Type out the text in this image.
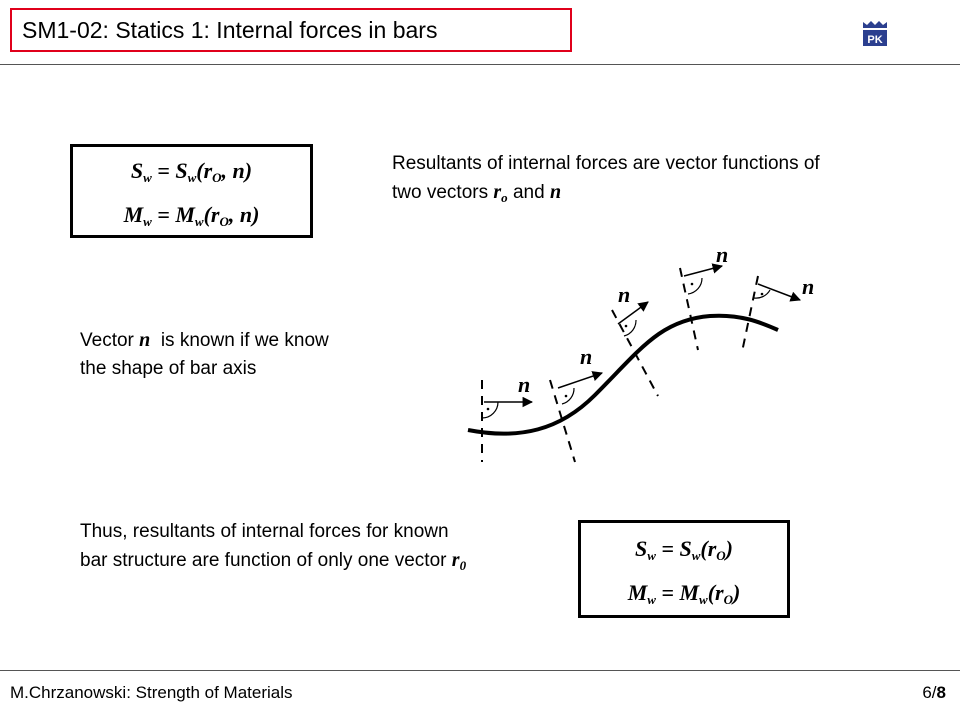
SM1-02: Statics 1: Internal forces in bars	PK
$S_w = S_w(r_O$, n)
$M_w = M_w(r_O$, n)
Resultants of internal forces are vector functions of two vectors $r_o$ and n
Vector n  is known if we know the shape of bar axis
n
n
n
n
n
Thus, resultants of internal forces for known bar structure are function of only one vector $r_0$
$S_w = S_w(r_O)$
$M_w = M_w(r_O)$
M.Chrzanowski: Strength of Materials	6/8
